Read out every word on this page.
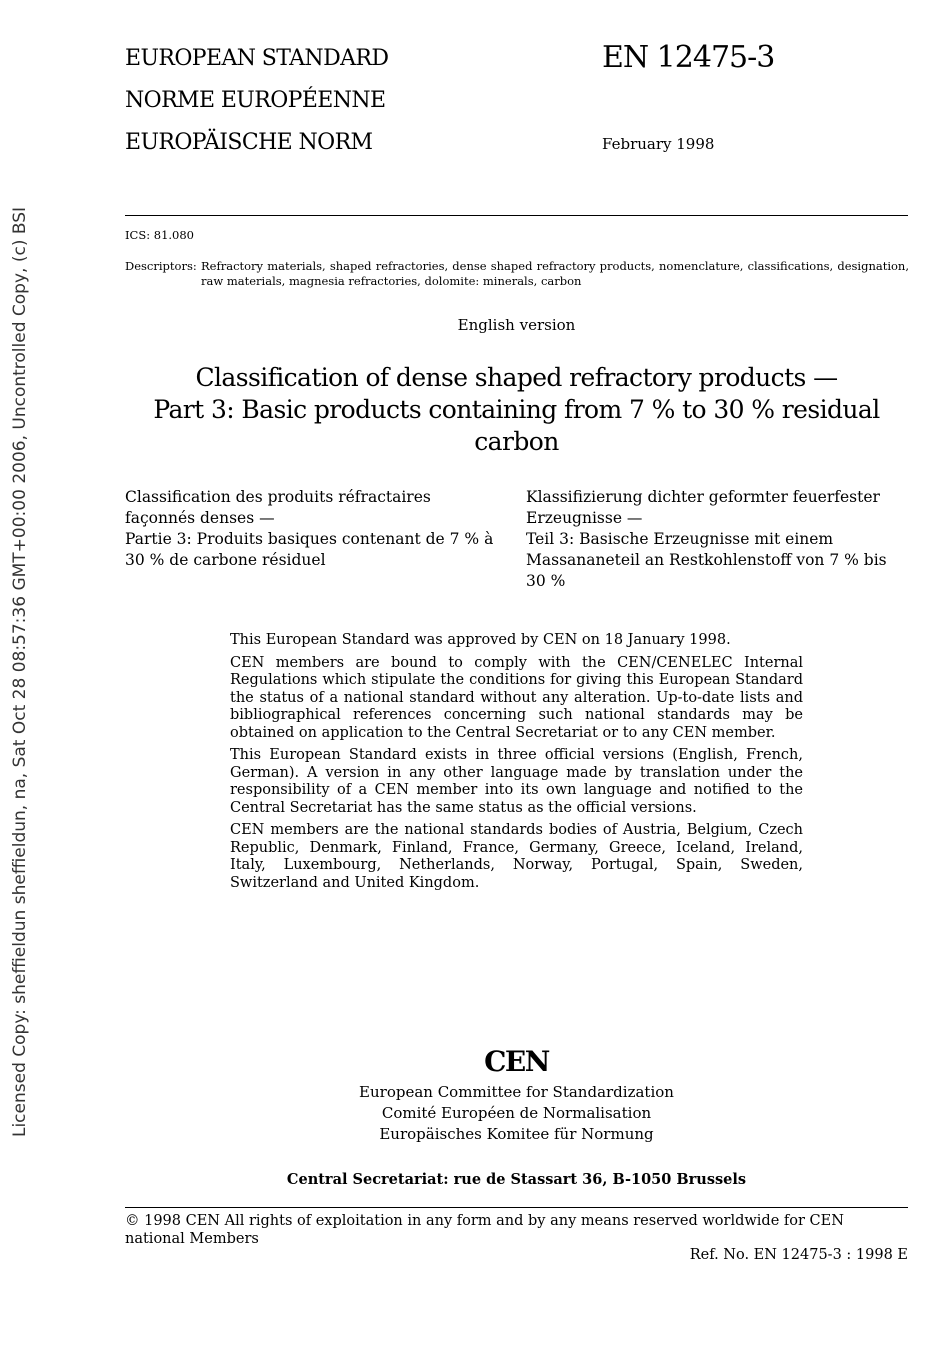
Licensed Copy: sheffieldun sheffieldun, na, Sat Oct 28 08:57:36 GMT+00:00 2006, Uncontrolled Copy, (c) BSI
EUROPEAN STANDARD
NORME EUROPÉENNE
EUROPÄISCHE NORM
EN 12475-3
February 1998
ICS: 81.080
Descriptors: Refractory materials, shaped refractories, dense shaped refractory products, nomenclature, classifications, designation, raw materials, magnesia refractories, dolomite: minerals, carbon
English version
Classification of dense shaped refractory products —
Part 3: Basic products containing from 7 % to 30 % residual carbon

Classification des produits réfractaires façonnés denses —

Partie 3: Produits basiques contenant de 7 % à 30 % de carbone résiduel

Klassifizierung dichter geformter feuerfester Erzeugnisse —

Teil 3: Basische Erzeugnisse mit einem Massananeteil an Restkohlenstoff von 7 % bis 30 %

This European Standard was approved by CEN on 18 January 1998.

CEN members are bound to comply with the CEN/CENELEC Internal Regulations which stipulate the conditions for giving this European Standard the status of a national standard without any alteration. Up-to-date lists and bibliographical references concerning such national standards may be obtained on application to the Central Secretariat or to any CEN member.

This European Standard exists in three official versions (English, French, German). A version in any other language made by translation under the responsibility of a CEN member into its own language and notified to the Central Secretariat has the same status as the official versions.

CEN members are the national standards bodies of Austria, Belgium, Czech Republic, Denmark, Finland, France, Germany, Greece, Iceland, Ireland, Italy, Luxembourg, Netherlands, Norway, Portugal, Spain, Sweden, Switzerland and United Kingdom.

CEN
European Committee for Standardization
Comité Européen de Normalisation
Europäisches Komitee für Normung
Central Secretariat: rue de Stassart 36, B-1050 Brussels
© 1998 CEN All rights of exploitation in any form and by any means reserved worldwide for CEN national Members
Ref. No. EN 12475-3 : 1998 E
